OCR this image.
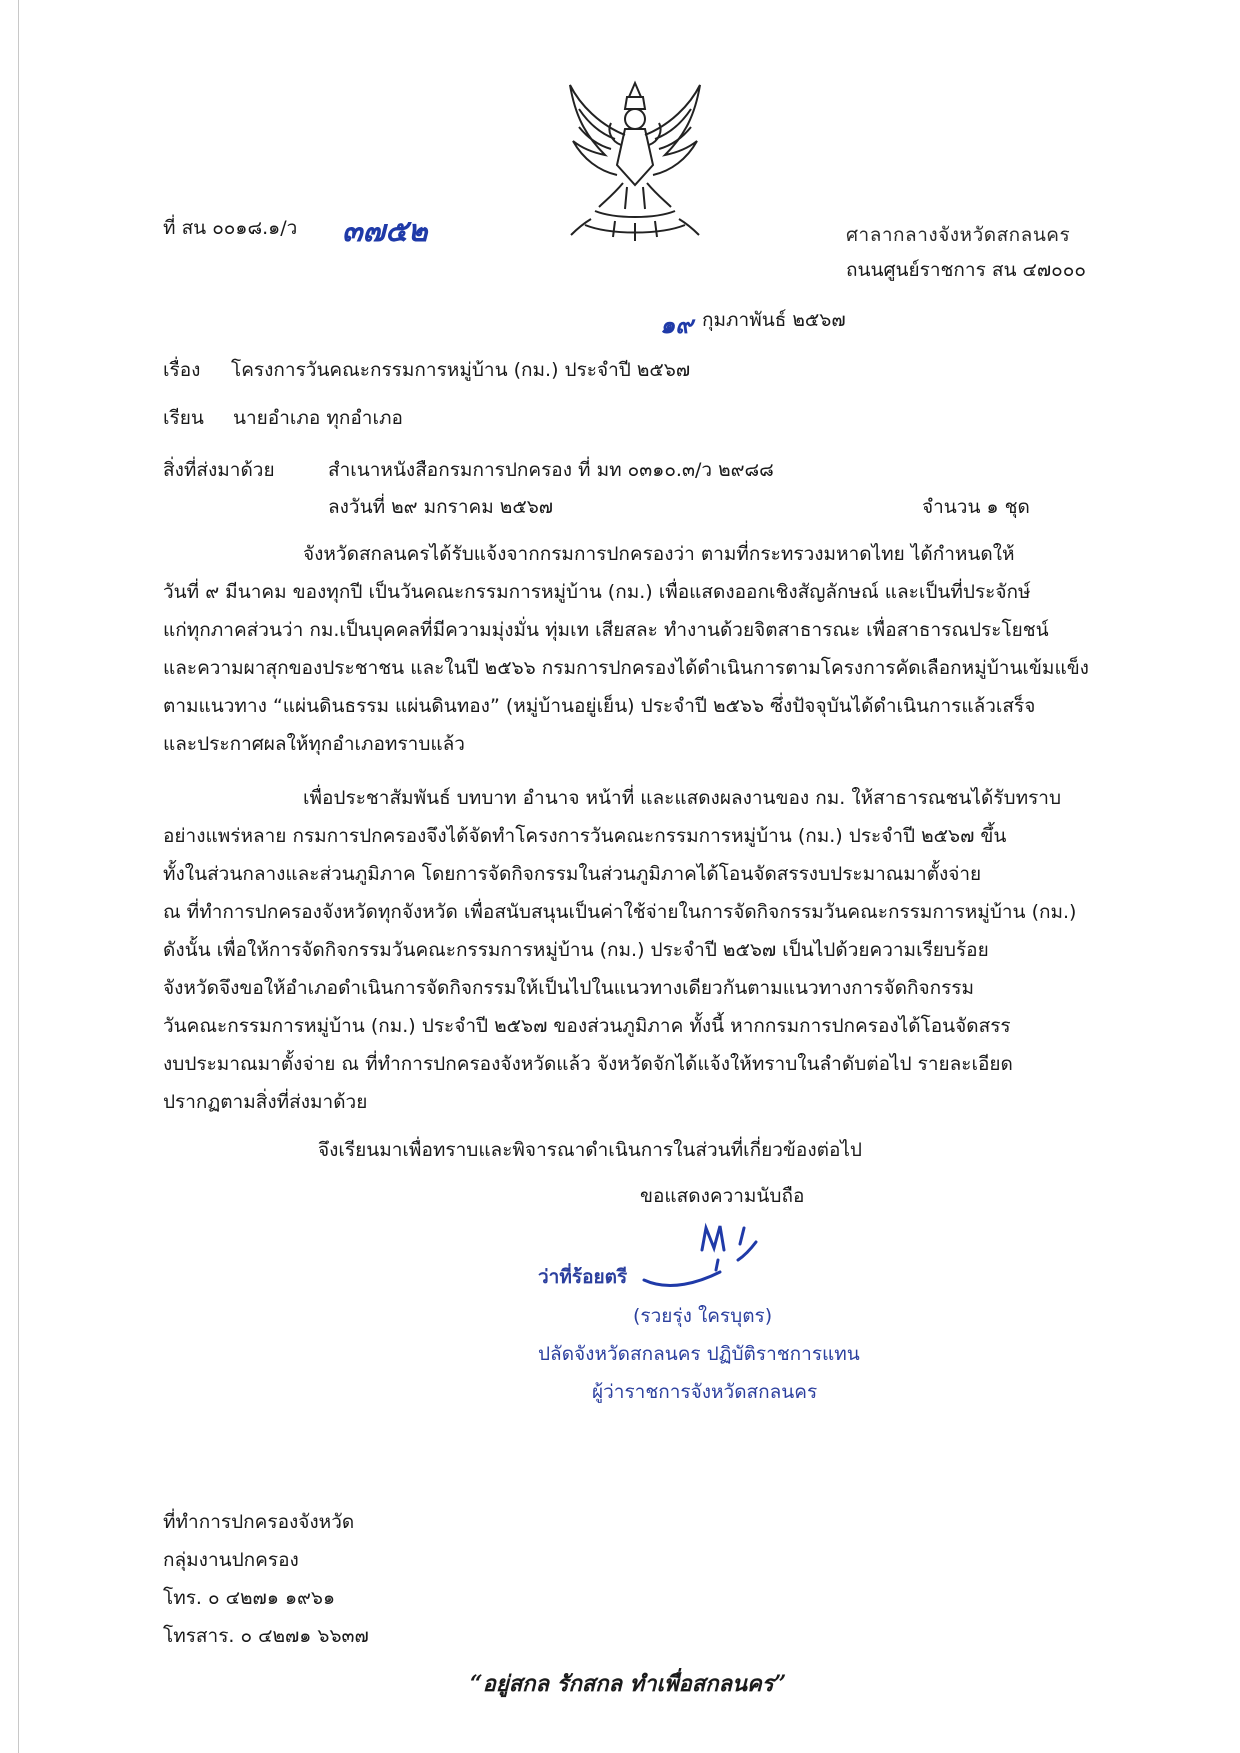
ที่ สน ๐๐๑๘.๑/ว ๓๗๕๒	ศาลากลางจังหวัดสกลนคร
ถนนศูนย์ราชการ สน ๔๗๐๐๐
๑๙ กุมภาพันธ์ ๒๕๖๗
เรื่อง โครงการวันคณะกรรมการหมู่บ้าน (กม.) ประจำปี ๒๕๖๗
เรียน นายอำเภอ ทุกอำเภอ
สิ่งที่ส่งมาด้วย	สำเนาหนังสือกรมการปกครอง ที่ มท ๐๓๑๐.๓/ว ๒๙๘๘
ลงวันที่ ๒๙ มกราคม ๒๕๖๗	จำนวน ๑ ชุด
จังหวัดสกลนครได้รับแจ้งจากกรมการปกครองว่า ตามที่กระทรวงมหาดไทย ได้กำหนดให้
วันที่ ๙ มีนาคม ของทุกปี เป็นวันคณะกรรมการหมู่บ้าน (กม.) เพื่อแสดงออกเชิงสัญลักษณ์ และเป็นที่ประจักษ์
แก่ทุกภาคส่วนว่า กม.เป็นบุคคลที่มีความมุ่งมั่น ทุ่มเท เสียสละ ทำงานด้วยจิตสาธารณะ เพื่อสาธารณประโยชน์
และความผาสุกของประชาชน และในปี ๒๕๖๖ กรมการปกครองได้ดำเนินการตามโครงการคัดเลือกหมู่บ้านเข้มแข็ง
ตามแนวทาง “แผ่นดินธรรม แผ่นดินทอง” (หมู่บ้านอยู่เย็น) ประจำปี ๒๕๖๖ ซึ่งปัจจุบันได้ดำเนินการแล้วเสร็จ
และประกาศผลให้ทุกอำเภอทราบแล้ว
เพื่อประชาสัมพันธ์ บทบาท อำนาจ หน้าที่ และแสดงผลงานของ กม. ให้สาธารณชนได้รับทราบ
อย่างแพร่หลาย กรมการปกครองจึงได้จัดทำโครงการวันคณะกรรมการหมู่บ้าน (กม.) ประจำปี ๒๕๖๗ ขึ้น
ทั้งในส่วนกลางและส่วนภูมิภาค โดยการจัดกิจกรรมในส่วนภูมิภาคได้โอนจัดสรรงบประมาณมาตั้งจ่าย
ณ ที่ทำการปกครองจังหวัดทุกจังหวัด เพื่อสนับสนุนเป็นค่าใช้จ่ายในการจัดกิจกรรมวันคณะกรรมการหมู่บ้าน (กม.)
ดังนั้น เพื่อให้การจัดกิจกรรมวันคณะกรรมการหมู่บ้าน (กม.) ประจำปี ๒๕๖๗ เป็นไปด้วยความเรียบร้อย
จังหวัดจึงขอให้อำเภอดำเนินการจัดกิจกรรมให้เป็นไปในแนวทางเดียวกันตามแนวทางการจัดกิจกรรม
วันคณะกรรมการหมู่บ้าน (กม.) ประจำปี ๒๕๖๗ ของส่วนภูมิภาค ทั้งนี้ หากกรมการปกครองได้โอนจัดสรร
งบประมาณมาตั้งจ่าย ณ ที่ทำการปกครองจังหวัดแล้ว จังหวัดจักได้แจ้งให้ทราบในลำดับต่อไป รายละเอียด
ปรากฏตามสิ่งที่ส่งมาด้วย
จึงเรียนมาเพื่อทราบและพิจารณาดำเนินการในส่วนที่เกี่ยวข้องต่อไป
ขอแสดงความนับถือ
ว่าที่ร้อยตรี
(รวยรุ่ง ใครบุตร)
ปลัดจังหวัดสกลนคร ปฏิบัติราชการแทน
ผู้ว่าราชการจังหวัดสกลนคร
ที่ทำการปกครองจังหวัด
กลุ่มงานปกครอง
โทร. ๐ ๔๒๗๑ ๑๙๖๑
โทรสาร. ๐ ๔๒๗๑ ๖๖๓๗
“อยู่สกล รักสกล ทำเพื่อสกลนคร”
